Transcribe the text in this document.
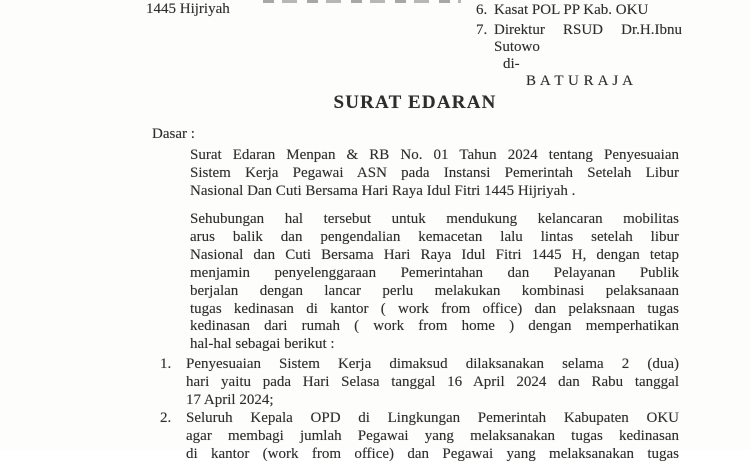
1445 Hijriyah	6. Kasat POL PP Kab. OKU
7. Direktur RSUD Dr.H.Ibnu
Sutowo
di-
B A T U R A J A
SURAT EDARAN
Dasar :
Surat Edaran Menpan & RB No. 01 Tahun 2024 tentang Penyesuaian
Sistem Kerja Pegawai ASN pada Instansi Pemerintah Setelah Libur
Nasional Dan Cuti Bersama Hari Raya Idul Fitri 1445 Hijriyah .
Sehubungan hal tersebut untuk mendukung kelancaran mobilitas
arus balik dan pengendalian kemacetan lalu lintas setelah libur
Nasional dan Cuti Bersama Hari Raya Idul Fitri 1445 H, dengan tetap
menjamin penyelenggaraan Pemerintahan dan Pelayanan Publik
berjalan dengan lancar perlu melakukan kombinasi pelaksanaan
tugas kedinasan di kantor ( work from office) dan pelaksnaan tugas
kedinasan dari rumah ( work from home ) dengan memperhatikan
hal-hal sebagai berikut :
1. Penyesuaian Sistem Kerja dimaksud dilaksanakan selama 2 (dua)
hari yaitu pada Hari Selasa tanggal 16 April 2024 dan Rabu tanggal
17 April 2024;
2. Seluruh Kepala OPD di Lingkungan Pemerintah Kabupaten OKU
agar membagi jumlah Pegawai yang melaksanakan tugas kedinasan
di kantor (work from office) dan Pegawai yang melaksanakan tugas
